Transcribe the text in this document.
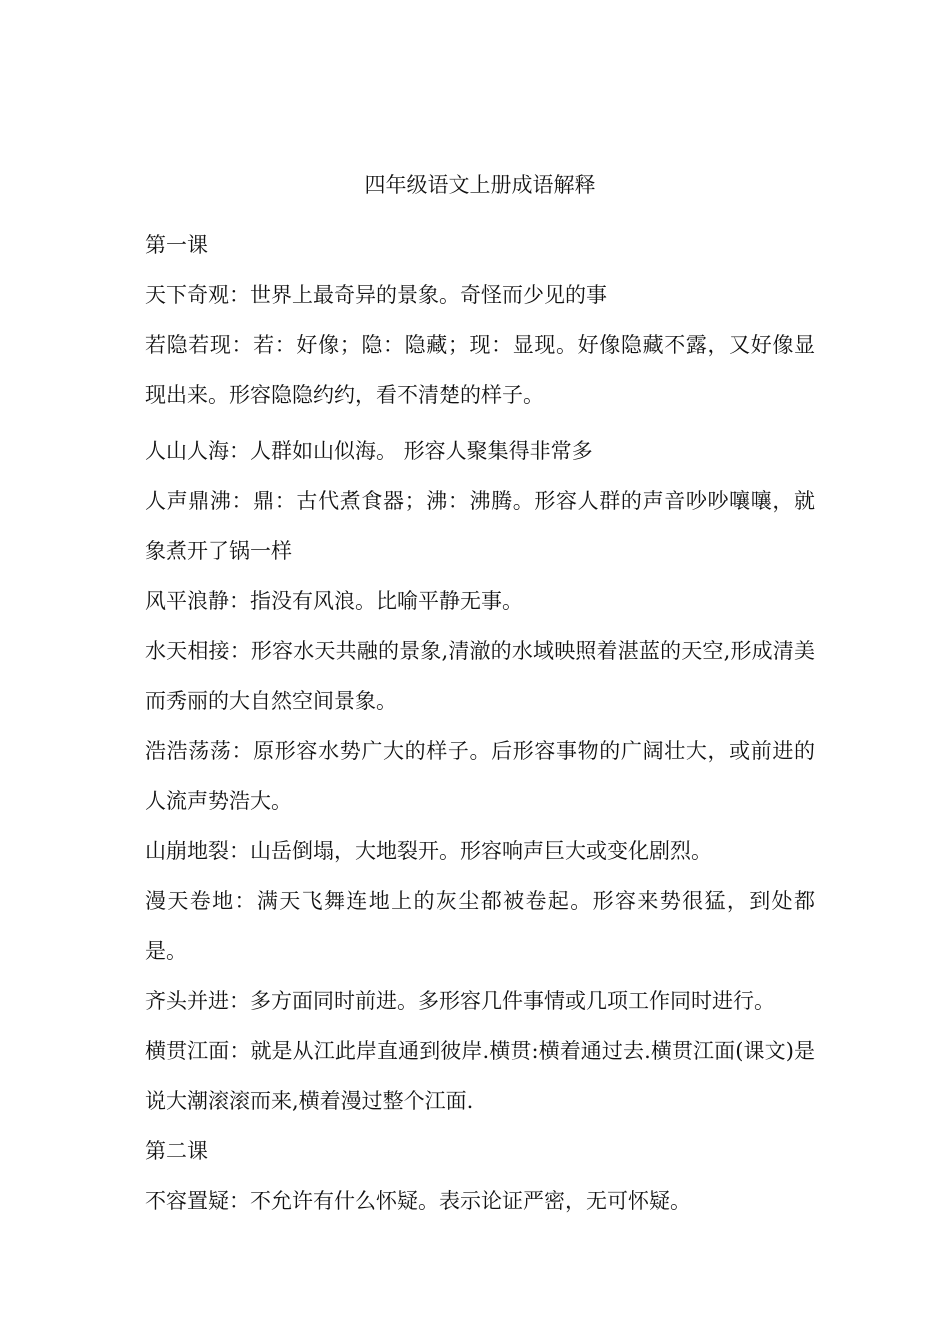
四年级语文上册成语解释

第一课

天下奇观：世界上最奇异的景象。奇怪而少见的事

若隐若现：若：好像；隐：隐藏；现：显现。好像隐藏不露，又好像显现出来。形容隐隐约约，看不清楚的样子。

人山人海：人群如山似海。 形容人聚集得非常多

人声鼎沸：鼎：古代煮食器；沸：沸腾。形容人群的声音吵吵嚷嚷，就象煮开了锅一样

风平浪静：指没有风浪。比喻平静无事。

水天相接：形容水天共融的景象,清澈的水域映照着湛蓝的天空,形成清美而秀丽的大自然空间景象。

浩浩荡荡：原形容水势广大的样子。后形容事物的广阔壮大，或前进的人流声势浩大。

山崩地裂：山岳倒塌，大地裂开。形容响声巨大或变化剧烈。

漫天卷地：满天飞舞连地上的灰尘都被卷起。形容来势很猛，到处都是。

齐头并进：多方面同时前进。多形容几件事情或几项工作同时进行。

横贯江面：就是从江此岸直通到彼岸.横贯:横着通过去.横贯江面(课文)是说大潮滚滚而来,横着漫过整个江面.

第二课

不容置疑：不允许有什么怀疑。表示论证严密，无可怀疑。
